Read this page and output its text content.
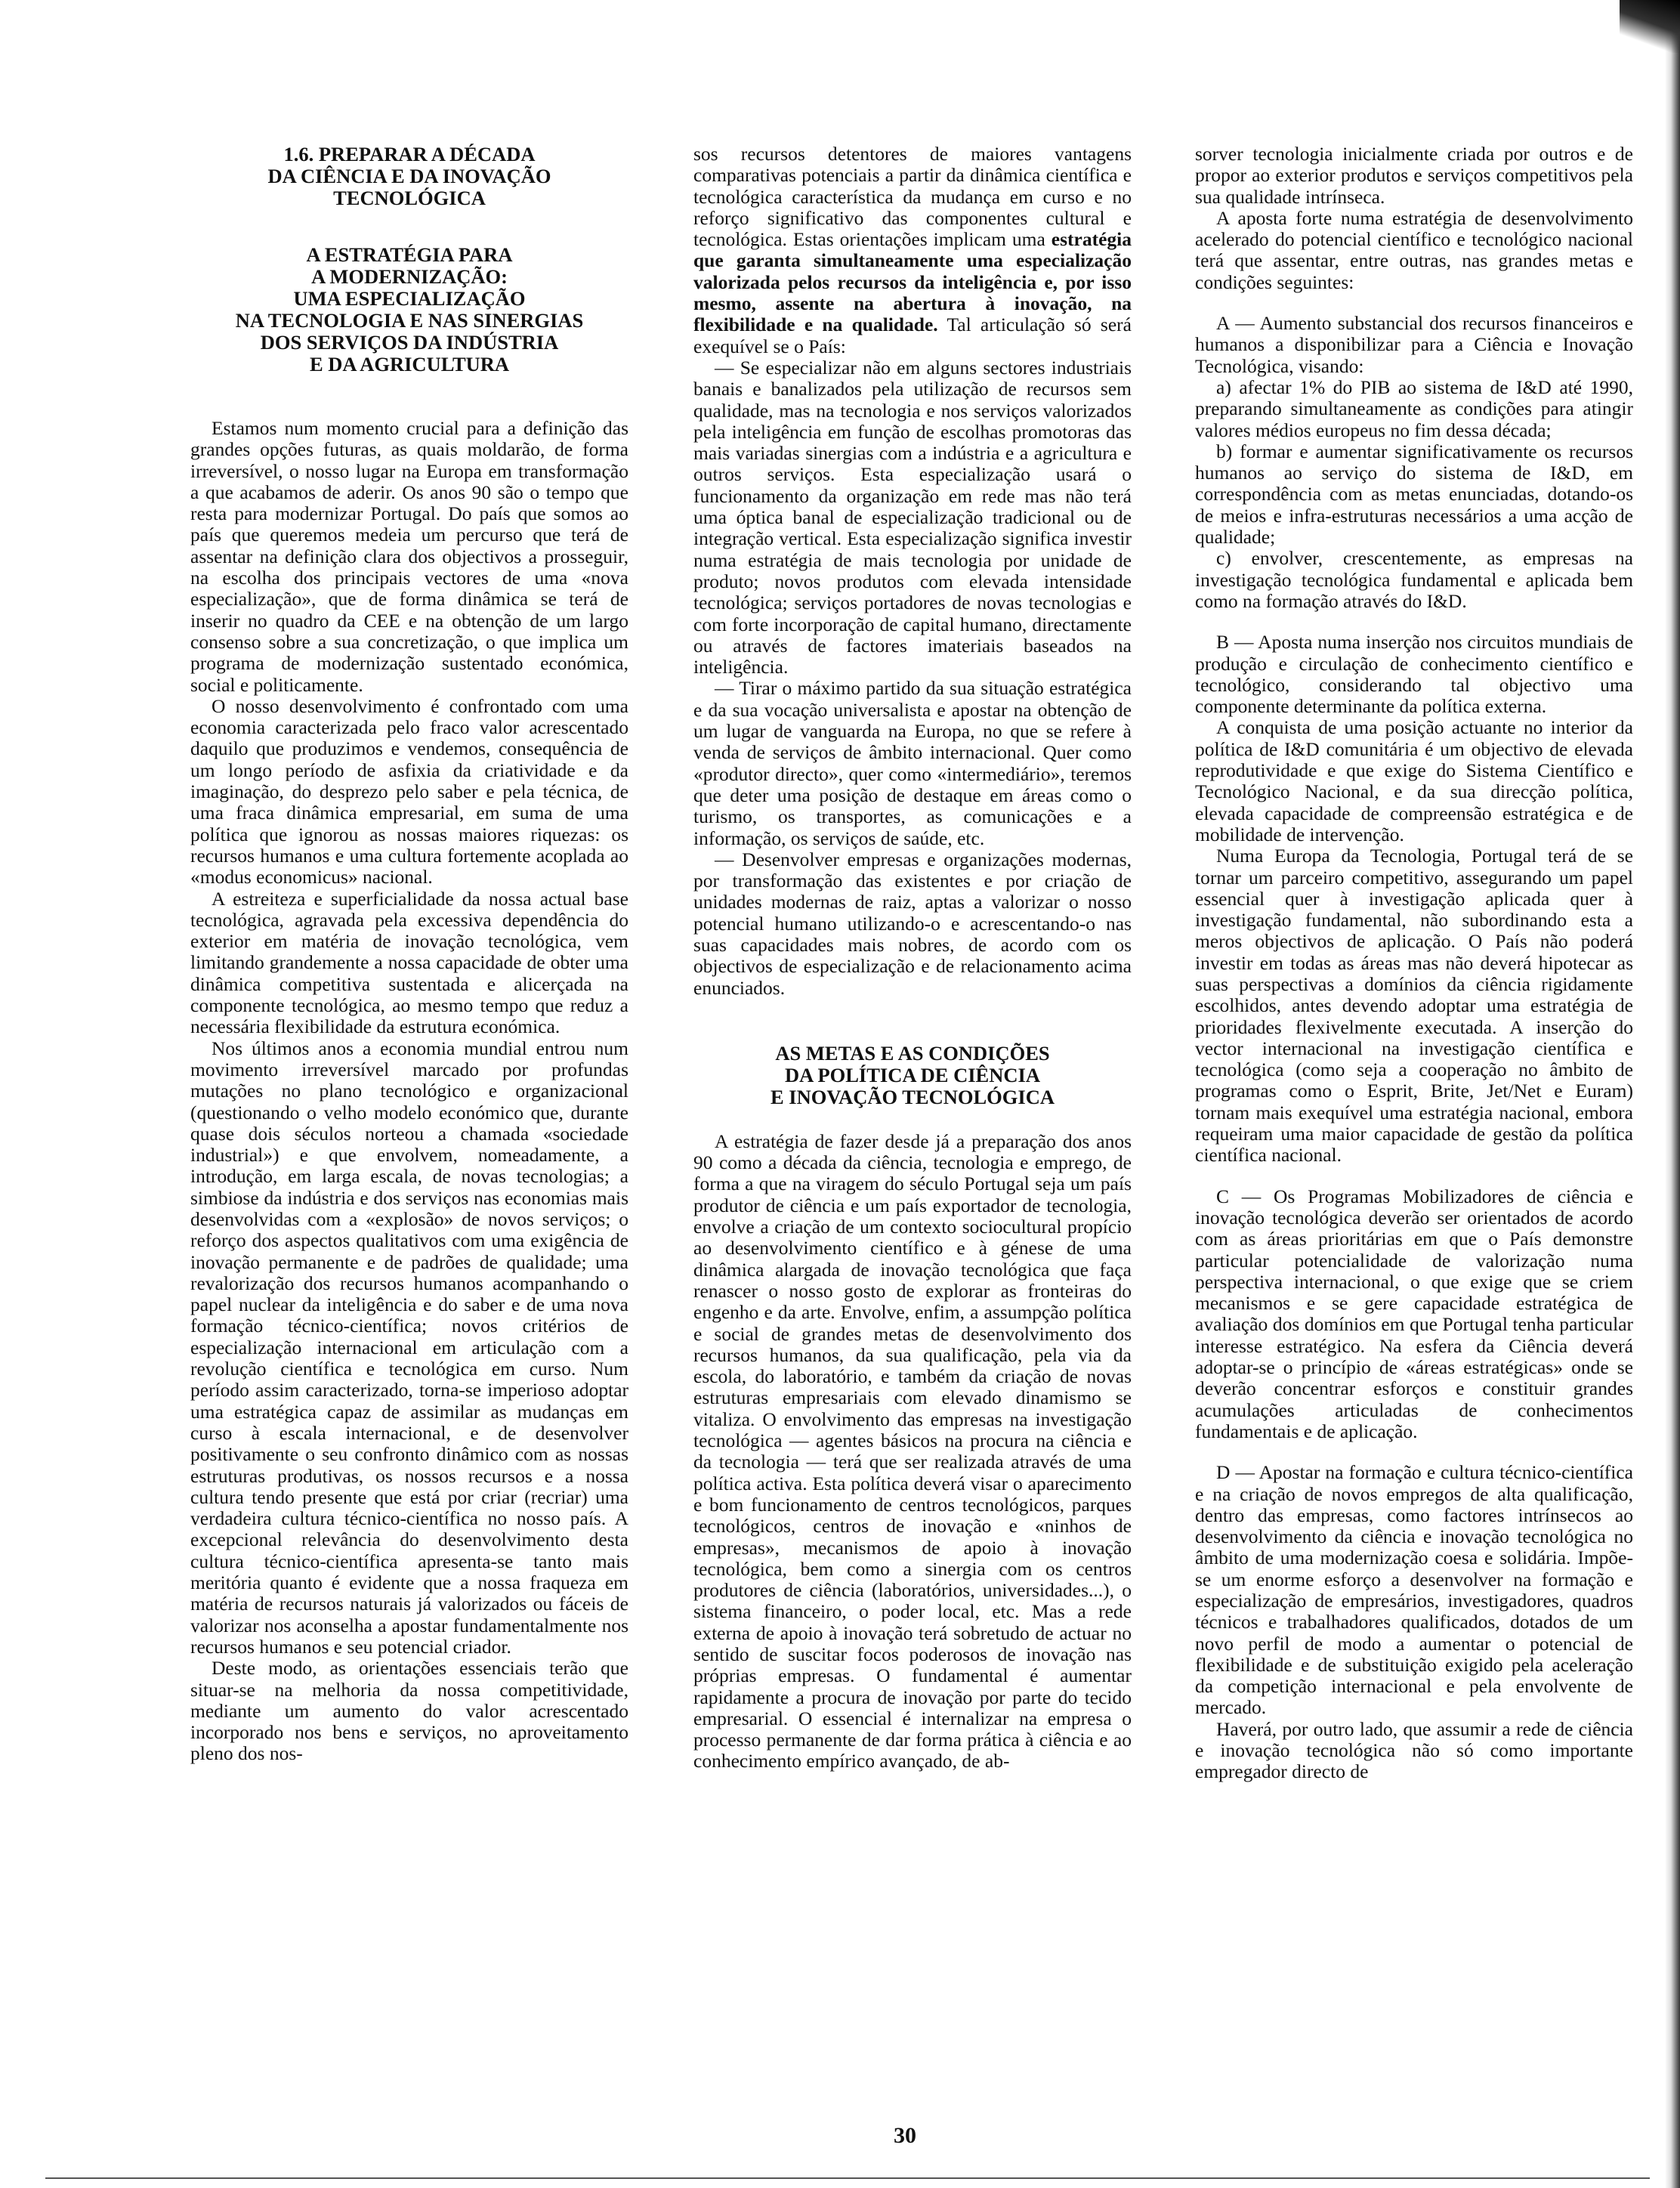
1.6. PREPARAR A DÉCADA
DA CIÊNCIA E DA INOVAÇÃO
TECNOLÓGICA
A ESTRATÉGIA PARA
A MODERNIZAÇÃO:
UMA ESPECIALIZAÇÃO
NA TECNOLOGIA E NAS SINERGIAS
DOS SERVIÇOS DA INDÚSTRIA
E DA AGRICULTURA

Estamos num momento crucial para a definição das grandes opções futuras, as quais moldarão, de forma irreversível, o nosso lugar na Europa em transformação a que acabamos de aderir. Os anos 90 são o tempo que resta para modernizar Portugal. Do país que somos ao país que queremos medeia um percurso que terá de assentar na definição clara dos objectivos a prosseguir, na escolha dos principais vectores de uma «nova especialização», que de forma dinâmica se terá de inserir no quadro da CEE e na obtenção de um largo consenso sobre a sua concretização, o que implica um programa de modernização sustentado económica, social e politicamente.

O nosso desenvolvimento é confrontado com uma economia caracterizada pelo fraco valor acrescentado daquilo que produzimos e vendemos, consequência de um longo período de asfixia da criatividade e da imaginação, do desprezo pelo saber e pela técnica, de uma fraca dinâmica empresarial, em suma de uma política que ignorou as nossas maiores riquezas: os recursos humanos e uma cultura fortemente acoplada ao «modus economicus» nacional.

A estreiteza e superficialidade da nossa actual base tecnológica, agravada pela excessiva dependência do exterior em matéria de inovação tecnológica, vem limitando grandemente a nossa capacidade de obter uma dinâmica competitiva sustentada e alicerçada na componente tecnológica, ao mesmo tempo que reduz a necessária flexibilidade da estrutura económica.

Nos últimos anos a economia mundial entrou num movimento irreversível marcado por profundas mutações no plano tecnológico e organizacional (questionando o velho modelo económico que, durante quase dois séculos norteou a chamada «sociedade industrial») e que envolvem, nomeadamente, a introdução, em larga escala, de novas tecnologias; a simbiose da indústria e dos serviços nas economias mais desenvolvidas com a «explosão» de novos serviços; o reforço dos aspectos qualitativos com uma exigência de inovação permanente e de padrões de qualidade; uma revalorização dos recursos humanos acompanhando o papel nuclear da inteligência e do saber e de uma nova formação técnico-científica; novos critérios de especialização internacional em articulação com a revolução científica e tecnológica em curso. Num período assim caracterizado, torna-se imperioso adoptar uma estratégica capaz de assimilar as mudanças em curso à escala internacional, e de desenvolver positivamente o seu confronto dinâmico com as nossas estruturas produtivas, os nossos recursos e a nossa cultura tendo presente que está por criar (recriar) uma verdadeira cultura técnico-científica no nosso país. A excepcional relevância do desenvolvimento desta cultura técnico-científica apresenta-se tanto mais meritória quanto é evidente que a nossa fraqueza em matéria de recursos naturais já valorizados ou fáceis de valorizar nos aconselha a apostar fundamentalmente nos recursos humanos e seu potencial criador.

Deste modo, as orientações essenciais terão que situar-se na melhoria da nossa competitividade, mediante um aumento do valor acrescentado incorporado nos bens e serviços, no aproveitamento pleno dos nos-

sos recursos detentores de maiores vantagens comparativas potenciais a partir da dinâmica científica e tecnológica característica da mudança em curso e no reforço significativo das componentes cultural e tecnológica. Estas orientações implicam uma estratégia que garanta simultaneamente uma especialização valorizada pelos recursos da inteligência e, por isso mesmo, assente na abertura à inovação, na flexibilidade e na qualidade. Tal articulação só será exequível se o País:

— Se especializar não em alguns sectores industriais banais e banalizados pela utilização de recursos sem qualidade, mas na tecnologia e nos serviços valorizados pela inteligência em função de escolhas promotoras das mais variadas sinergias com a indústria e a agricultura e outros serviços. Esta especialização usará o funcionamento da organização em rede mas não terá uma óptica banal de especialização tradicional ou de integração vertical. Esta especialização significa investir numa estratégia de mais tecnologia por unidade de produto; novos produtos com elevada intensidade tecnológica; serviços portadores de novas tecnologias e com forte incorporação de capital humano, directamente ou através de factores imateriais baseados na inteligência.

— Tirar o máximo partido da sua situação estratégica e da sua vocação universalista e apostar na obtenção de um lugar de vanguarda na Europa, no que se refere à venda de serviços de âmbito internacional. Quer como «produtor directo», quer como «intermediário», teremos que deter uma posição de destaque em áreas como o turismo, os transportes, as comunicações e a informação, os serviços de saúde, etc.

— Desenvolver empresas e organizações modernas, por transformação das existentes e por criação de unidades modernas de raiz, aptas a valorizar o nosso potencial humano utilizando-o e acrescentando-o nas suas capacidades mais nobres, de acordo com os objectivos de especialização e de relacionamento acima enunciados.

AS METAS E AS CONDIÇÕES
DA POLÍTICA DE CIÊNCIA
E INOVAÇÃO TECNOLÓGICA

A estratégia de fazer desde já a preparação dos anos 90 como a década da ciência, tecnologia e emprego, de forma a que na viragem do século Portugal seja um país produtor de ciência e um país exportador de tecnologia, envolve a criação de um contexto sociocultural propício ao desenvolvimento científico e à génese de uma dinâmica alargada de inovação tecnológica que faça renascer o nosso gosto de explorar as fronteiras do engenho e da arte. Envolve, enfim, a assumpção política e social de grandes metas de desenvolvimento dos recursos humanos, da sua qualificação, pela via da escola, do laboratório, e também da criação de novas estruturas empresariais com elevado dinamismo se vitaliza. O envolvimento das empresas na investigação tecnológica — agentes básicos na procura na ciência e da tecnologia — terá que ser realizada através de uma política activa. Esta política deverá visar o aparecimento e bom funcionamento de centros tecnológicos, parques tecnológicos, centros de inovação e «ninhos de empresas», mecanismos de apoio à inovação tecnológica, bem como a sinergia com os centros produtores de ciência (laboratórios, universidades...), o sistema financeiro, o poder local, etc. Mas a rede externa de apoio à inovação terá sobretudo de actuar no sentido de suscitar focos poderosos de inovação nas próprias empresas. O fundamental é aumentar rapidamente a procura de inovação por parte do tecido empresarial. O essencial é internalizar na empresa o processo permanente de dar forma prática à ciência e ao conhecimento empírico avançado, de ab-

sorver tecnologia inicialmente criada por outros e de propor ao exterior produtos e serviços competitivos pela sua qualidade intrínseca.

A aposta forte numa estratégia de desenvolvimento acelerado do potencial científico e tecnológico nacional terá que assentar, entre outras, nas grandes metas e condições seguintes:

A — Aumento substancial dos recursos financeiros e humanos a disponibilizar para a Ciência e Inovação Tecnológica, visando:

a) afectar 1% do PIB ao sistema de I&D até 1990, preparando simultaneamente as condições para atingir valores médios europeus no fim dessa década;

b) formar e aumentar significativamente os recursos humanos ao serviço do sistema de I&D, em correspondência com as metas enunciadas, dotando-os de meios e infra-estruturas necessários a uma acção de qualidade;

c) envolver, crescentemente, as empresas na investigação tecnológica fundamental e aplicada bem como na formação através do I&D.

B — Aposta numa inserção nos circuitos mundiais de produção e circulação de conhecimento científico e tecnológico, considerando tal objectivo uma componente determinante da política externa.

A conquista de uma posição actuante no interior da política de I&D comunitária é um objectivo de elevada reprodutividade e que exige do Sistema Científico e Tecnológico Nacional, e da sua direcção política, elevada capacidade de compreensão estratégica e de mobilidade de intervenção.

Numa Europa da Tecnologia, Portugal terá de se tornar um parceiro competitivo, assegurando um papel essencial quer à investigação aplicada quer à investigação fundamental, não subordinando esta a meros objectivos de aplicação. O País não poderá investir em todas as áreas mas não deverá hipotecar as suas perspectivas a domínios da ciência rigidamente escolhidos, antes devendo adoptar uma estratégia de prioridades flexivelmente executada. A inserção do vector internacional na investigação científica e tecnológica (como seja a cooperação no âmbito de programas como o Esprit, Brite, Jet/Net e Euram) tornam mais exequível uma estratégia nacional, embora requeiram uma maior capacidade de gestão da política científica nacional.

C — Os Programas Mobilizadores de ciência e inovação tecnológica deverão ser orientados de acordo com as áreas prioritárias em que o País demonstre particular potencialidade de valorização numa perspectiva internacional, o que exige que se criem mecanismos e se gere capacidade estratégica de avaliação dos domínios em que Portugal tenha particular interesse estratégico. Na esfera da Ciência deverá adoptar-se o princípio de «áreas estratégicas» onde se deverão concentrar esforços e constituir grandes acumulações articuladas de conhecimentos fundamentais e de aplicação.

D — Apostar na formação e cultura técnico-científica e na criação de novos empregos de alta qualificação, dentro das empresas, como factores intrínsecos ao desenvolvimento da ciência e inovação tecnológica no âmbito de uma modernização coesa e solidária. Impõe-se um enorme esforço a desenvolver na formação e especialização de empresários, investigadores, quadros técnicos e trabalhadores qualificados, dotados de um novo perfil de modo a aumentar o potencial de flexibilidade e de substituição exigido pela aceleração da competição internacional e pela envolvente de mercado.

Haverá, por outro lado, que assumir a rede de ciência e inovação tecnológica não só como importante empregador directo de

30
